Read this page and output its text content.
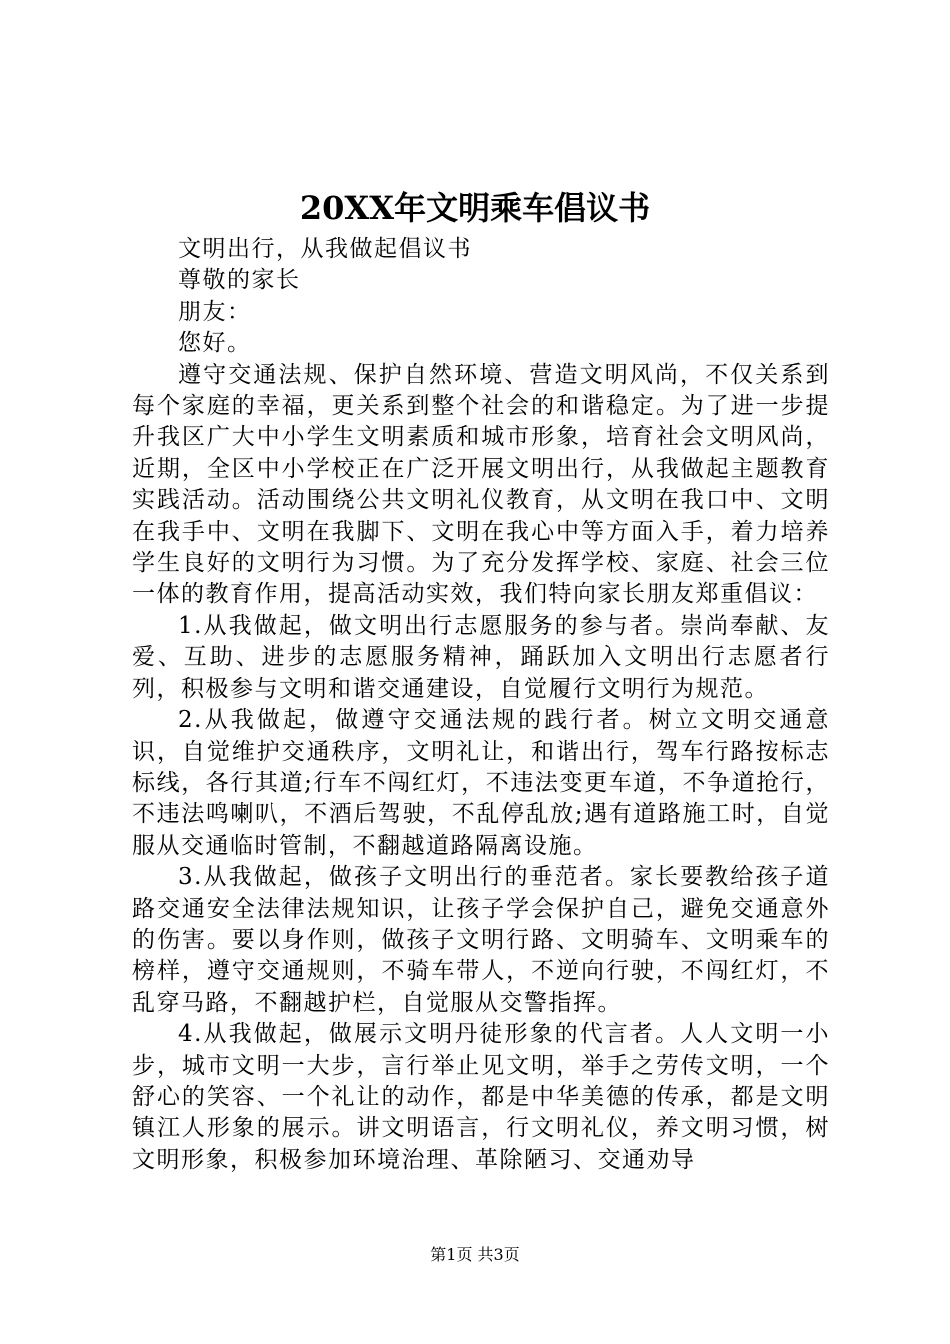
20XX年文明乘车倡议书

文明出行，从我做起倡议书

尊敬的家长

朋友：

您好。

遵守交通法规、保护自然环境、营造文明风尚，不仅关系到每个家庭的幸福，更关系到整个社会的和谐稳定。为了进一步提升我区广大中小学生文明素质和城市形象，培育社会文明风尚，近期，全区中小学校正在广泛开展文明出行，从我做起主题教育实践活动。活动围绕公共文明礼仪教育，从文明在我口中、文明在我手中、文明在我脚下、文明在我心中等方面入手，着力培养学生良好的文明行为习惯。为了充分发挥学校、家庭、社会三位一体的教育作用，提高活动实效，我们特向家长朋友郑重倡议：

1.从我做起，做文明出行志愿服务的参与者。崇尚奉献、友爱、互助、进步的志愿服务精神，踊跃加入文明出行志愿者行列，积极参与文明和谐交通建设，自觉履行文明行为规范。

2.从我做起，做遵守交通法规的践行者。树立文明交通意识，自觉维护交通秩序，文明礼让，和谐出行，驾车行路按标志标线，各行其道;行车不闯红灯，不违法变更车道，不争道抢行，不违法鸣喇叭，不酒后驾驶，不乱停乱放;遇有道路施工时，自觉服从交通临时管制，不翻越道路隔离设施。

3.从我做起，做孩子文明出行的垂范者。家长要教给孩子道路交通安全法律法规知识，让孩子学会保护自己，避免交通意外的伤害。要以身作则，做孩子文明行路、文明骑车、文明乘车的榜样，遵守交通规则，不骑车带人，不逆向行驶，不闯红灯，不乱穿马路，不翻越护栏，自觉服从交警指挥。

4.从我做起，做展示文明丹徒形象的代言者。人人文明一小步，城市文明一大步，言行举止见文明，举手之劳传文明，一个舒心的笑容、一个礼让的动作，都是中华美德的传承，都是文明镇江人形象的展示。讲文明语言，行文明礼仪，养文明习惯，树文明形象，积极参加环境治理、革除陋习、交通劝导

第1页 共3页
